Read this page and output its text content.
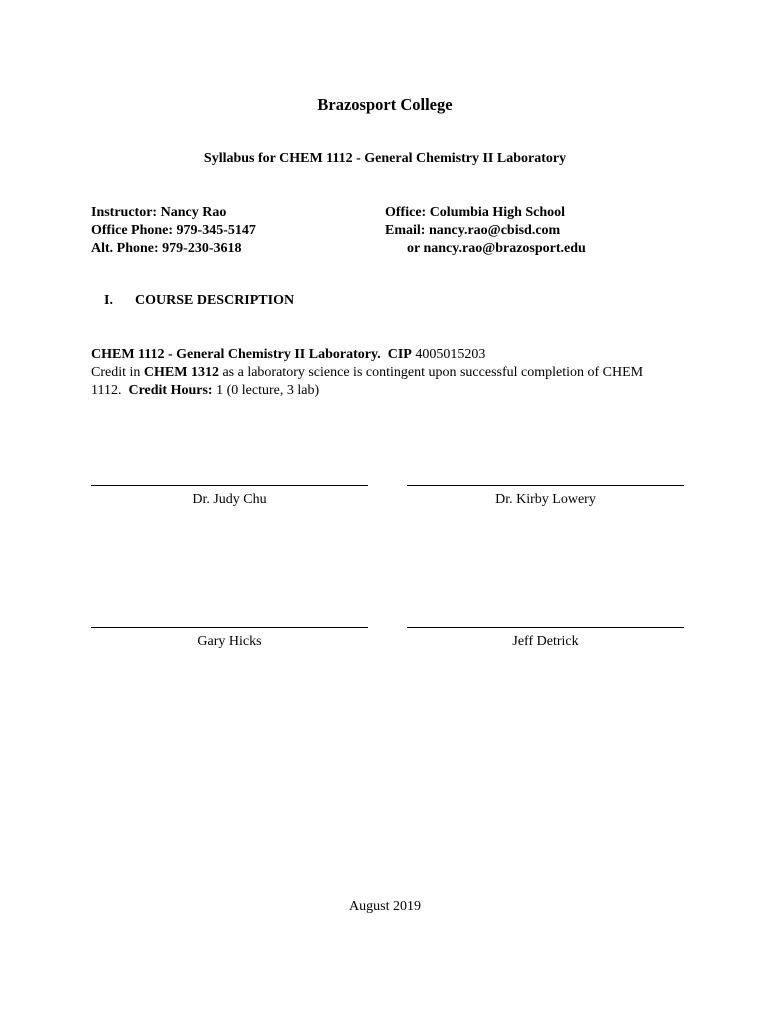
Brazosport College
Syllabus for CHEM 1112 - General Chemistry II Laboratory
Instructor: Nancy Rao
Office Phone: 979-345-5147
Alt. Phone: 979-230-3618
Office: Columbia High School
Email: nancy.rao@cbisd.com
or nancy.rao@brazosport.edu
I. COURSE DESCRIPTION
CHEM 1112 - General Chemistry II Laboratory. CIP 4005015203
Credit in CHEM 1312 as a laboratory science is contingent upon successful completion of CHEM 1112. Credit Hours: 1 (0 lecture, 3 lab)
Dr. Judy Chu	Dr. Kirby Lowery
Gary Hicks	Jeff Detrick
August 2019
